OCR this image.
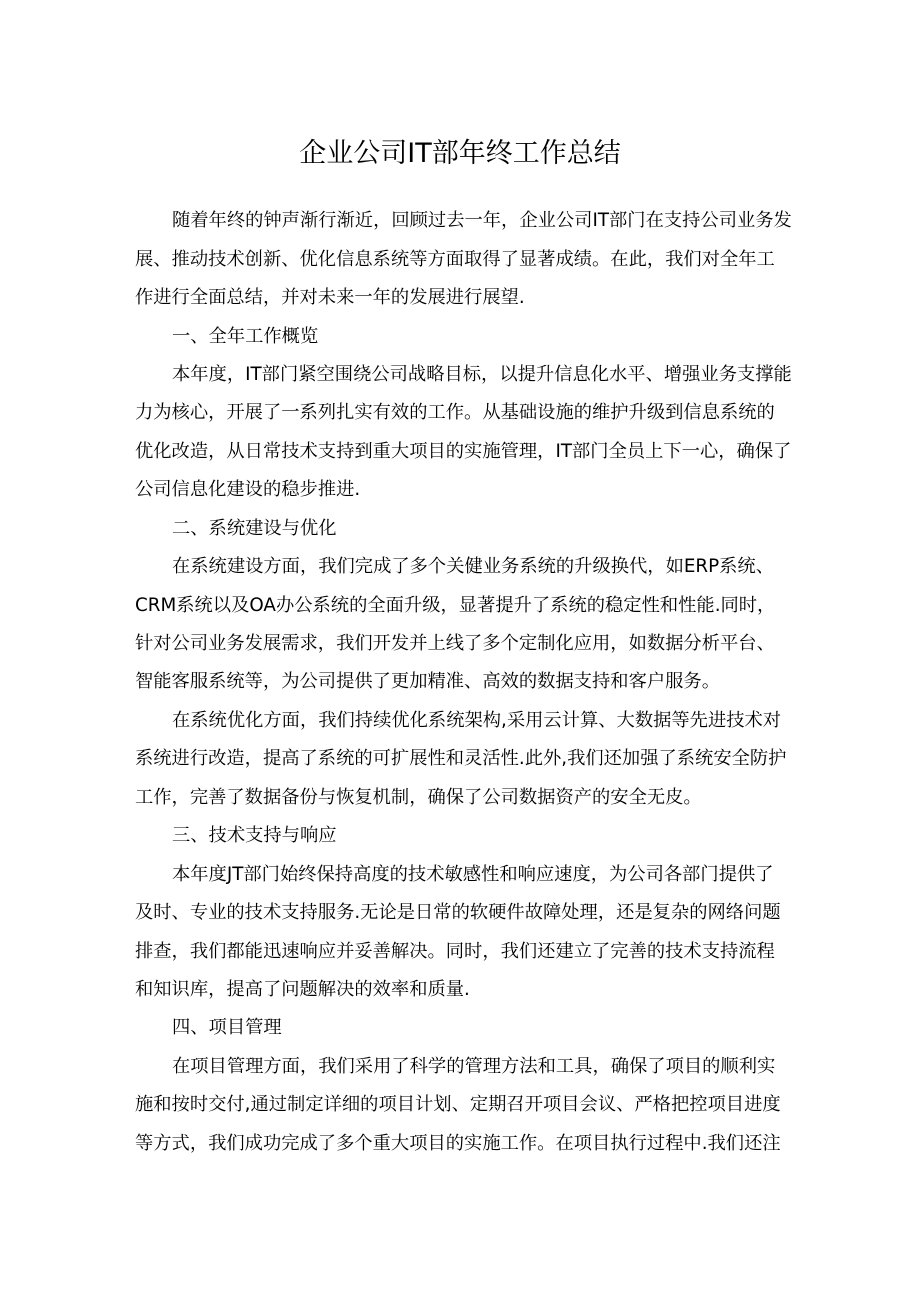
企业公司IT部年终工作总结
随着年终的钟声渐行渐近，回顾过去一年，企业公司IT部门在支持公司业务发
展、推动技术创新、优化信息系统等方面取得了显著成绩。在此，我们对全年工
作进行全面总结，并对未来一年的发展进行展望.
一、全年工作概览
本年度，IT部门紧空围绕公司战略目标，以提升信息化水平、增强业务支撑能
力为核心，开展了一系列扎实有效的工作。从基础设施的维护升级到信息系统的
优化改造，从日常技术支持到重大项目的实施管理，IT部门全员上下一心，确保了
公司信息化建设的稳步推进.
二、系统建设与优化
在系统建设方面，我们完成了多个关健业务系统的升级换代，如ERP系统、
CRM系统以及OA办公系统的全面升级，显著提升了系统的稳定性和性能.同时，
针对公司业务发展需求，我们开发并上线了多个定制化应用，如数据分析平台、
智能客服系统等，为公司提供了更加精准、高效的数据支持和客户服务。
在系统优化方面，我们持续优化系统架构,采用云计算、大数据等先进技术对
系统进行改造，提高了系统的可扩展性和灵活性.此外,我们还加强了系统安全防护
工作，完善了数据备份与恢复机制，确保了公司数据资产的安全无皮。
三、技术支持与响应
本年度JT部门始终保持高度的技术敏感性和响应速度，为公司各部门提供了
及时、专业的技术支持服务.无论是日常的软硬件故障处理，还是复杂的网络问题
排查，我们都能迅速响应并妥善解决。同时，我们还建立了完善的技术支持流程
和知识库，提高了问题解决的效率和质量.
四、项目管理
在项目管理方面，我们采用了科学的管理方法和工具，确保了项目的顺利实
施和按时交付,通过制定详细的项目计划、定期召开项目会议、严格把控项目进度
等方式，我们成功完成了多个重大项目的实施工作。在项目执行过程中.我们还注
